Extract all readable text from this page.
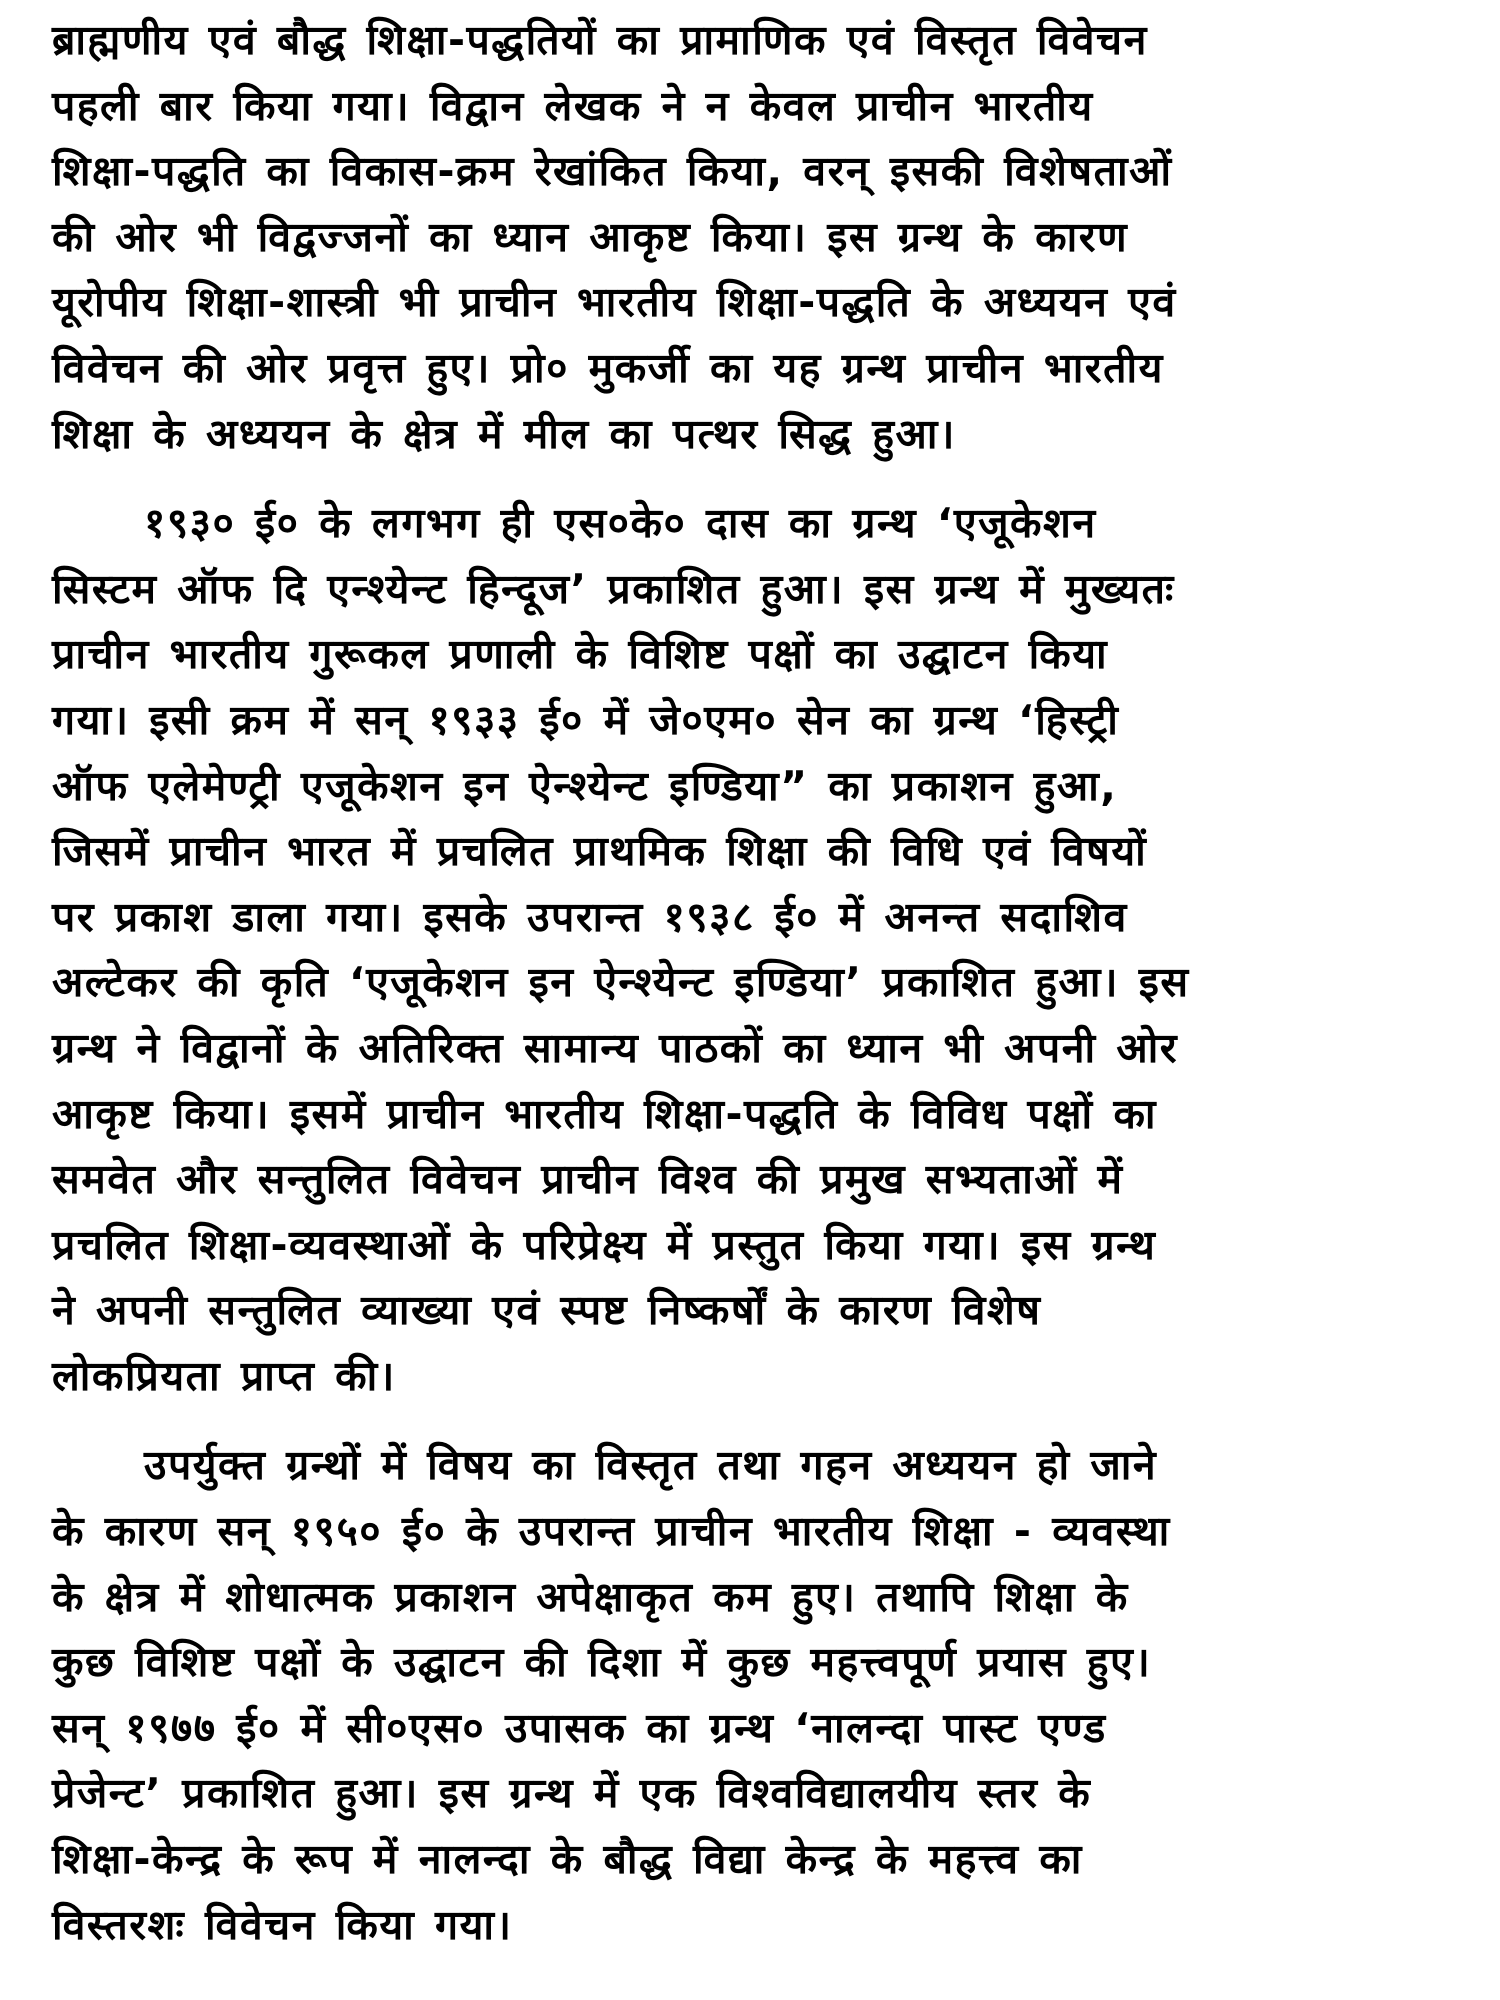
ब्राह्मणीय एवं बौद्ध शिक्षा-पद्धतियों का प्रामाणिक एवं विस्तृत विवेचन
पहली बार किया गया। विद्वान लेखक ने न केवल प्राचीन भारतीय
शिक्षा-पद्धति का विकास-क्रम रेखांकित किया, वरन् इसकी विशेषताओं
की ओर भी विद्वज्जनों का ध्यान आकृष्ट किया। इस ग्रन्थ के कारण
यूरोपीय शिक्षा-शास्त्री भी प्राचीन भारतीय शिक्षा-पद्धति के अध्ययन एवं
विवेचन की ओर प्रवृत्त हुए। प्रो० मुकर्जी का यह ग्रन्थ प्राचीन भारतीय
शिक्षा के अध्ययन के क्षेत्र में मील का पत्थर सिद्ध हुआ।

१९३० ई० के लगभग ही एस०के० दास का ग्रन्थ ‘एजूकेशन
सिस्टम ऑफ दि एन्श्येन्ट हिन्दूज’ प्रकाशित हुआ। इस ग्रन्थ में मुख्यतः
प्राचीन भारतीय गुरूकल प्रणाली के विशिष्ट पक्षों का उद्घाटन किया
गया। इसी क्रम में सन् १९३३ ई० में जे०एम० सेन का ग्रन्थ ‘हिस्ट्री
ऑफ एलेमेण्ट्री एजूकेशन इन ऐन्श्येन्ट इण्डिया” का प्रकाशन हुआ,
जिसमें प्राचीन भारत में प्रचलित प्राथमिक शिक्षा की विधि एवं विषयों
पर प्रकाश डाला गया। इसके उपरान्त १९३८ ई० में अनन्त सदाशिव
अल्टेकर की कृति ‘एजूकेशन इन ऐन्श्येन्ट इण्डिया’ प्रकाशित हुआ। इस
ग्रन्थ ने विद्वानों के अतिरिक्त सामान्य पाठकों का ध्यान भी अपनी ओर
आकृष्ट किया। इसमें प्राचीन भारतीय शिक्षा-पद्धति के विविध पक्षों का
समवेत और सन्तुलित विवेचन प्राचीन विश्व की प्रमुख सभ्यताओं में
प्रचलित शिक्षा-व्यवस्थाओं के परिप्रेक्ष्य में प्रस्तुत किया गया। इस ग्रन्थ
ने अपनी सन्तुलित व्याख्या एवं स्पष्ट निष्कर्षों के कारण विशेष
लोकप्रियता प्राप्त की।

उपर्युक्त ग्रन्थों में विषय का विस्तृत तथा गहन अध्ययन हो जाने
के कारण सन् १९५० ई० के उपरान्त प्राचीन भारतीय शिक्षा - व्यवस्था
के क्षेत्र में शोधात्मक प्रकाशन अपेक्षाकृत कम हुए। तथापि शिक्षा के
कुछ विशिष्ट पक्षों के उद्घाटन की दिशा में कुछ महत्त्वपूर्ण प्रयास हुए।
सन् १९७७ ई० में सी०एस० उपासक का ग्रन्थ ‘नालन्दा पास्ट एण्ड
प्रेजेन्ट’ प्रकाशित हुआ। इस ग्रन्थ में एक विश्वविद्यालयीय स्तर के
शिक्षा-केन्द्र के रूप में नालन्दा के बौद्ध विद्या केन्द्र के महत्त्व का
विस्तरशः विवेचन किया गया।
